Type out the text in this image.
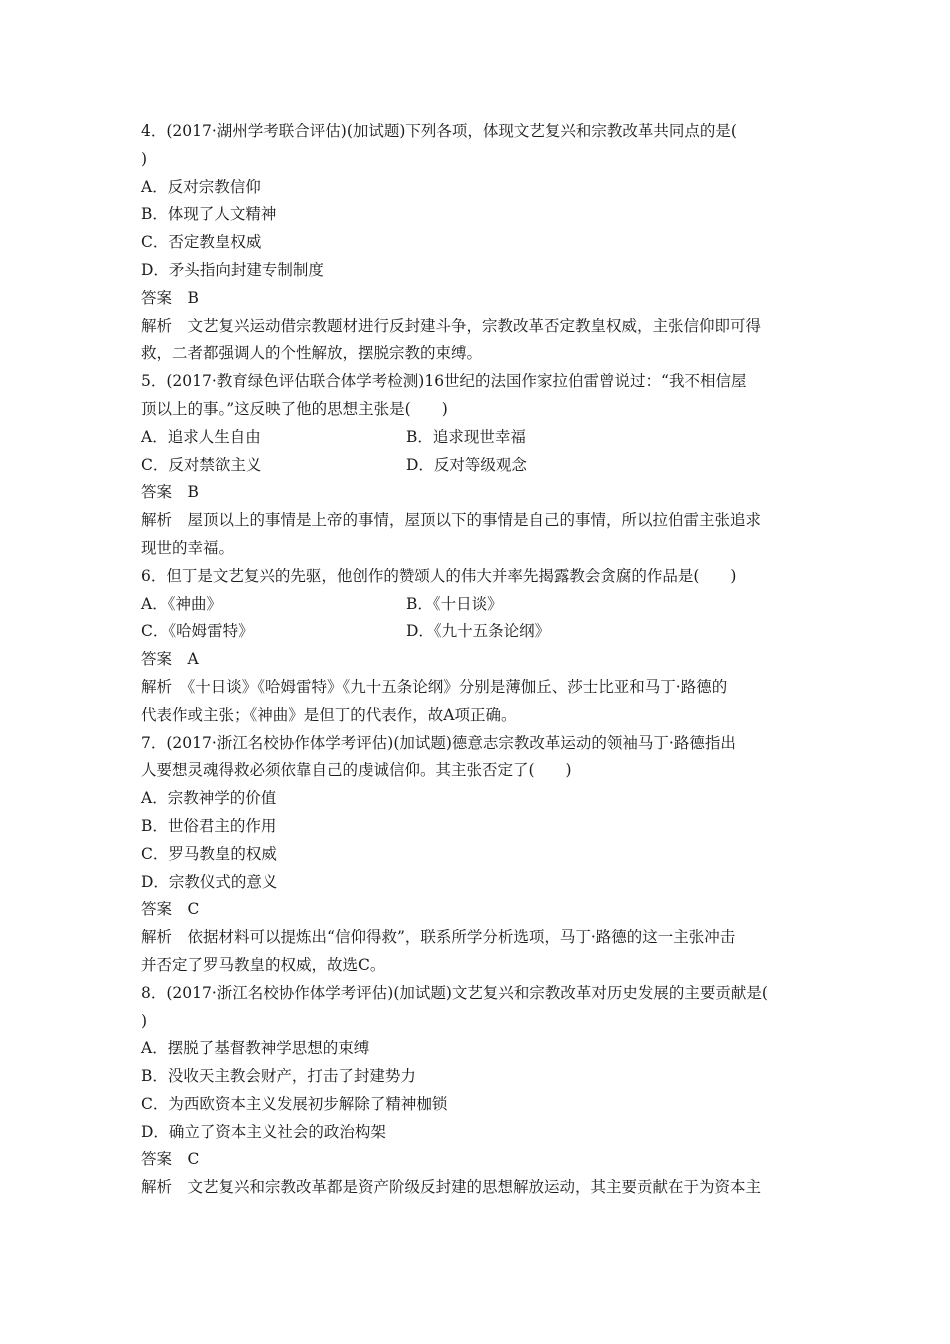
4．(2017·湖州学考联合评估)(加试题)下列各项，体现文艺复兴和宗教改革共同点的是(
)
A．反对宗教信仰
B．体现了人文精神
C．否定教皇权威
D．矛头指向封建专制制度
答案　 B
解析　 文艺复兴运动借宗教题材进行反封建斗争，宗教改革否定教皇权威，主张信仰即可得
救，二者都强调人的个性解放，摆脱宗教的束缚。
5．(2017·教育绿色评估联合体学考检测)16世纪的法国作家拉伯雷曾说过：“我不相信屋
顶以上的事。”这反映了他的思想主张是(　　)
A．追求人生自由	B．追求现世幸福
C．反对禁欲主义	D．反对等级观念
答案　 B
解析　 屋顶以上的事情是上帝的事情，屋顶以下的事情是自己的事情，所以拉伯雷主张追求
现世的幸福。
6．但丁是文艺复兴的先驱，他创作的赞颂人的伟大并率先揭露教会贪腐的作品是(　　)
A．《神曲》	B．《十日谈》
C．《哈姆雷特》	D．《九十五条论纲》
答案　 A
解析　 《十日谈》《哈姆雷特》《九十五条论纲》分别是薄伽丘、莎士比亚和马丁·路德的
代表作或主张；《神曲》是但丁的代表作，故A项正确。
7．(2017·浙江名校协作体学考评估)(加试题)德意志宗教改革运动的领袖马丁·路德指出
人要想灵魂得救必须依靠自己的虔诚信仰。其主张否定了(　　)
A．宗教神学的价值
B．世俗君主的作用
C．罗马教皇的权威
D．宗教仪式的意义
答案　 C
解析　 依据材料可以提炼出“信仰得救”，联系所学分析选项，马丁·路德的这一主张冲击
并否定了罗马教皇的权威，故选C。
8．(2017·浙江名校协作体学考评估)(加试题)文艺复兴和宗教改革对历史发展的主要贡献是(
)
A．摆脱了基督教神学思想的束缚
B．没收天主教会财产，打击了封建势力
C．为西欧资本主义发展初步解除了精神枷锁
D．确立了资本主义社会的政治构架
答案　 C
解析　 文艺复兴和宗教改革都是资产阶级反封建的思想解放运动，其主要贡献在于为资本主
